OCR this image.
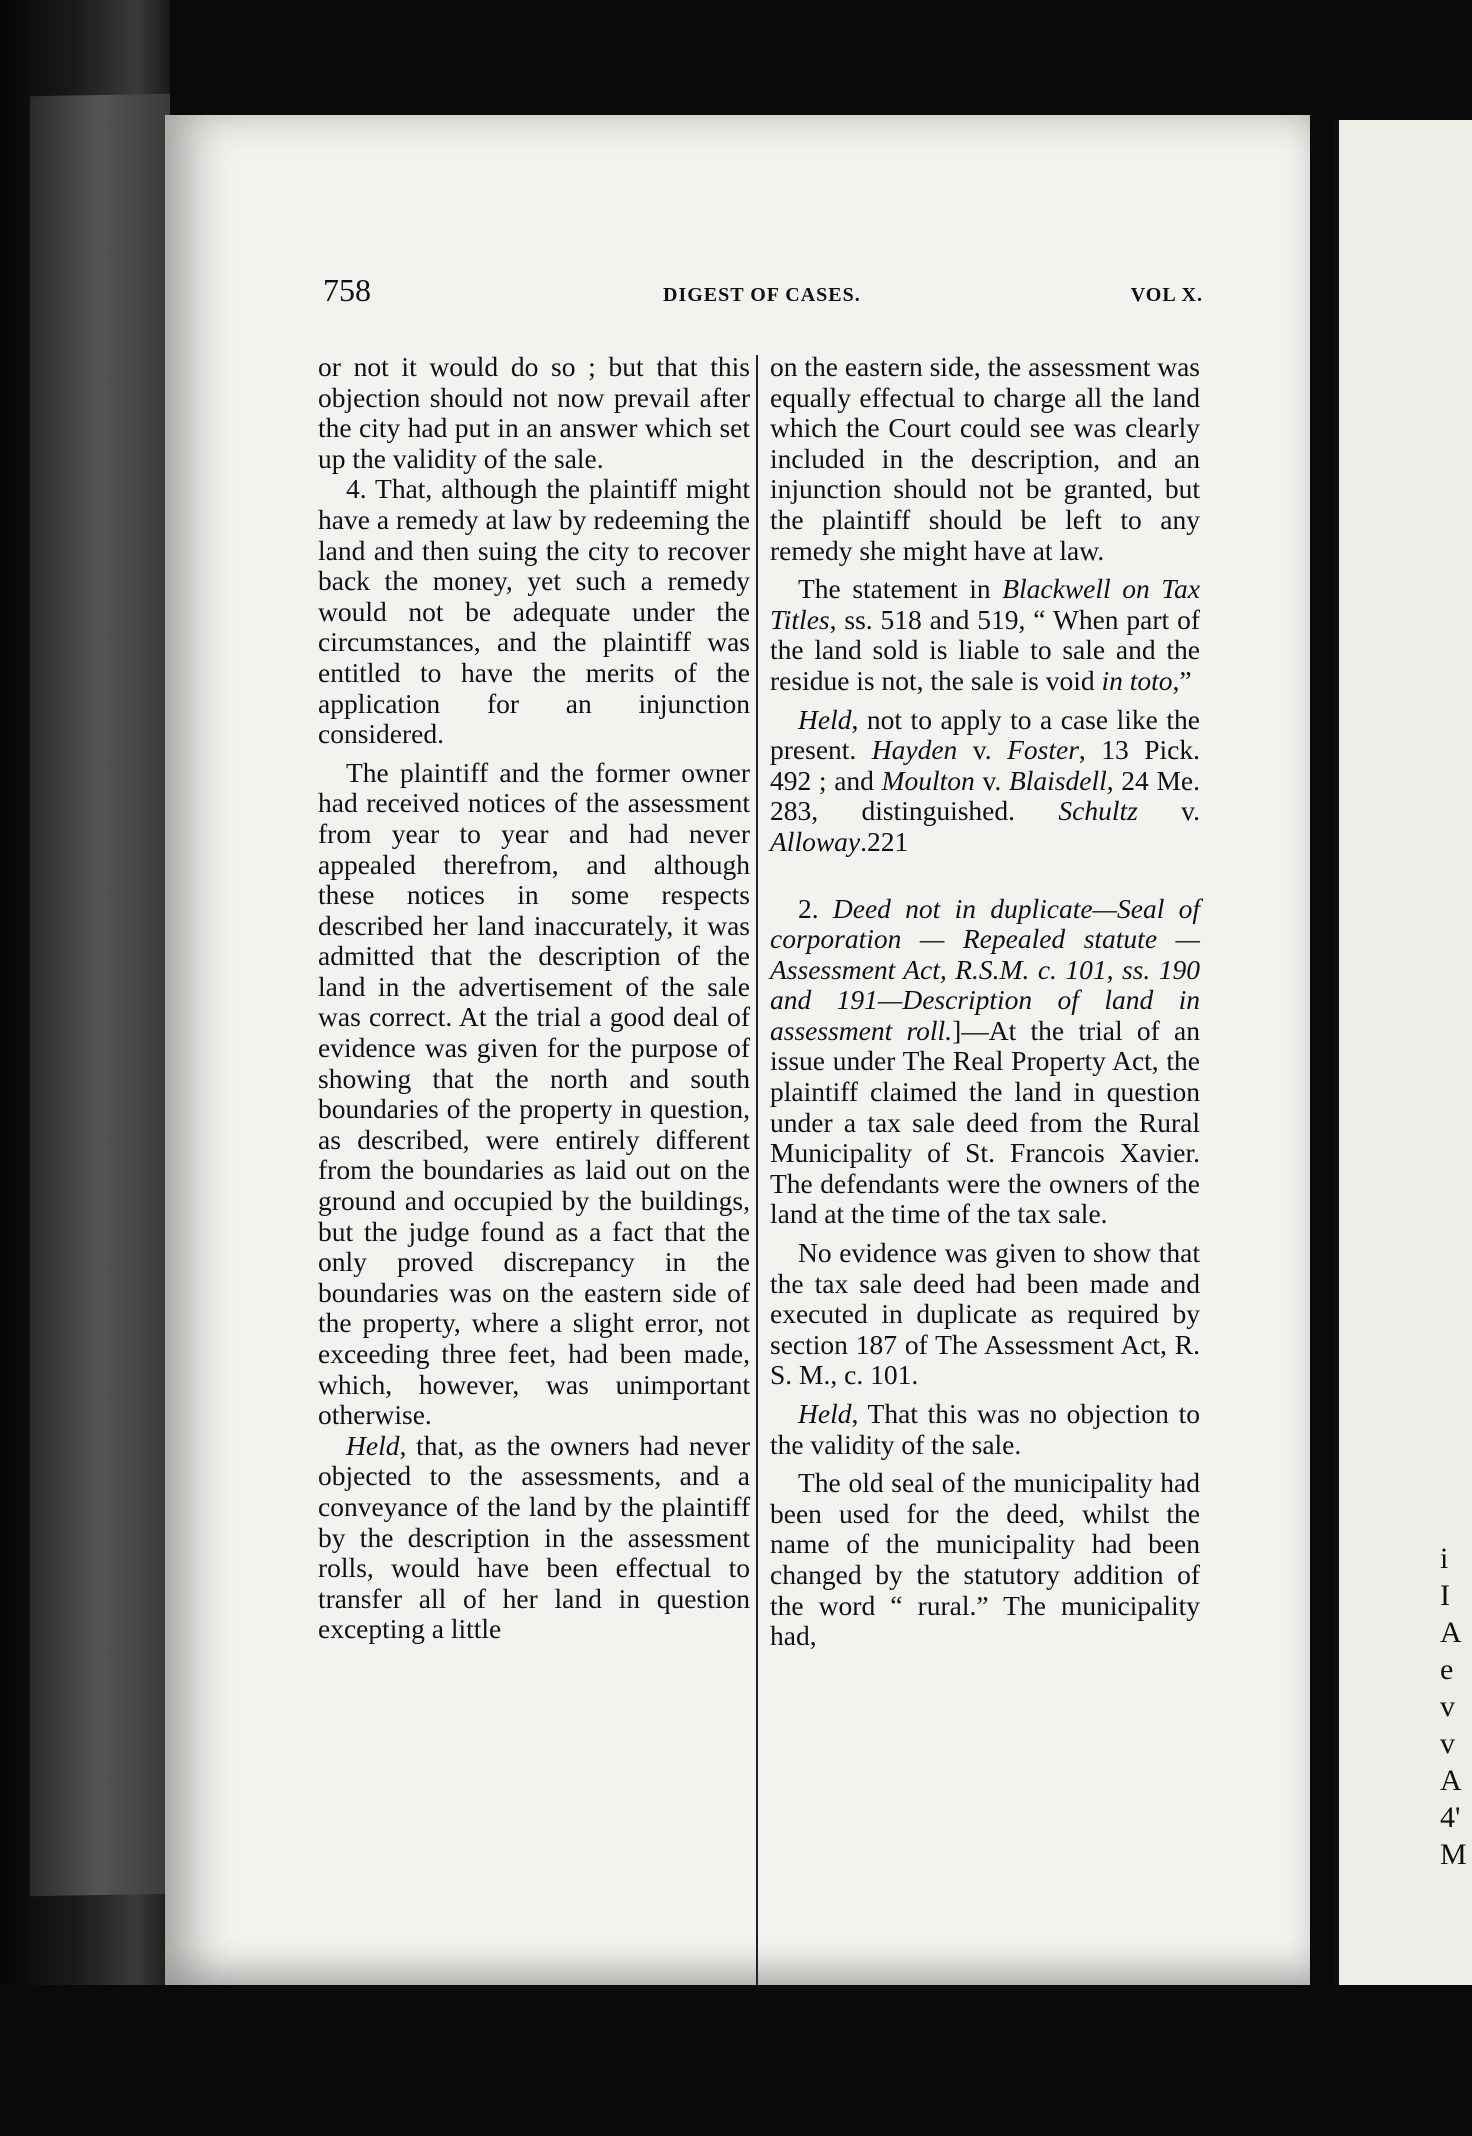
i
I
A
e
v
v
A
4'
M
758	DIGEST OF CASES.	VOL X.

or not it would do so ; but that this objection should not now prevail after the city had put in an answer which set up the validity of the sale.

4. That, although the plaintiff might have a remedy at law by redeeming the land and then suing the city to recover back the money, yet such a remedy would not be adequate under the circumstances, and the plaintiff was entitled to have the merits of the application for an injunction considered.

The plaintiff and the former owner had received notices of the assessment from year to year and had never appealed therefrom, and although these notices in some respects described her land inaccurately, it was admitted that the description of the land in the advertisement of the sale was correct. At the trial a good deal of evidence was given for the purpose of showing that the north and south boundaries of the property in question, as described, were entirely different from the boundaries as laid out on the ground and occupied by the buildings, but the judge found as a fact that the only proved discrepancy in the boundaries was on the eastern side of the property, where a slight error, not exceeding three feet, had been made, which, however, was unimportant otherwise.

Held, that, as the owners had never objected to the assessments, and a conveyance of the land by the plaintiff by the description in the assessment rolls, would have been effectual to transfer all of her land in question excepting a little

on the eastern side, the assessment was equally effectual to charge all the land which the Court could see was clearly included in the description, and an injunction should not be granted, but the plaintiff should be left to any remedy she might have at law.

The statement in Blackwell on Tax Titles, ss. 518 and 519, “ When part of the land sold is liable to sale and the residue is not, the sale is void in toto,”

Held, not to apply to a case like the present. Hayden v. Foster, 13 Pick. 492 ; and Moulton v. Blaisdell, 24 Me. 283, distinguished. Schultz v. Alloway.221

2. Deed not in duplicate—Seal of corporation — Repealed statute — Assessment Act, R.S.M. c. 101, ss. 190 and 191—Description of land in assessment roll.]—At the trial of an issue under The Real Property Act, the plaintiff claimed the land in question under a tax sale deed from the Rural Municipality of St. Francois Xavier. The defendants were the owners of the land at the time of the tax sale.

No evidence was given to show that the tax sale deed had been made and executed in duplicate as required by section 187 of The Assessment Act, R. S. M., c. 101.

Held, That this was no objection to the validity of the sale.

The old seal of the municipality had been used for the deed, whilst the name of the municipality had been changed by the statutory addition of the word “ rural.” The municipality had,
